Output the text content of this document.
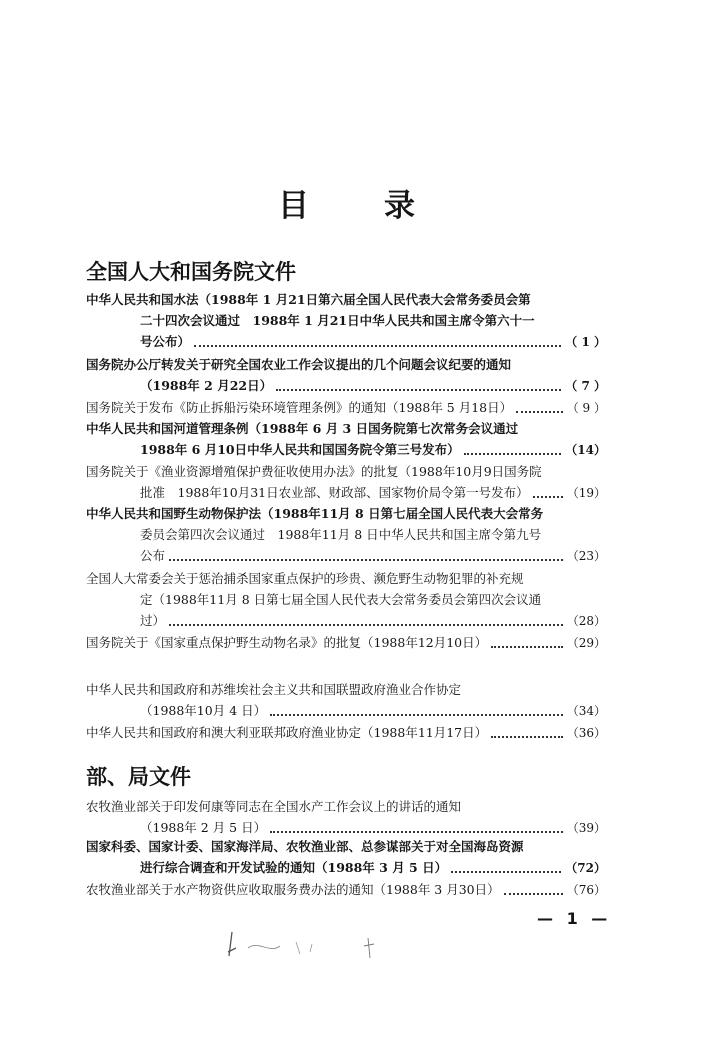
目 录
全国人大和国务院文件
中华人民共和国水法（1988年 1 月21日第六届全国人民代表大会常务委员会第
二十四次会议通过　1988年 1 月21日中华人民共和国主席令第六十一
号公布）	（ 1 ）
国务院办公厅转发关于研究全国农业工作会议提出的几个问题会议纪要的通知
（1988年 2 月22日）	（ 7 ）
国务院关于发布《防止拆船污染环境管理条例》的通知（1988年 5 月18日）	（ 9 ）
中华人民共和国河道管理条例（1988年 6 月 3 日国务院第七次常务会议通过
1988年 6 月10日中华人民共和国国务院令第三号发布）	（14）
国务院关于《渔业资源增殖保护费征收使用办法》的批复（1988年10月9日国务院
批准　1988年10月31日农业部、财政部、国家物价局令第一号发布）	（19）
中华人民共和国野生动物保护法（1988年11月 8 日第七届全国人民代表大会常务
委员会第四次会议通过　1988年11月 8 日中华人民共和国主席令第九号
公布	（23）
全国人大常委会关于惩治捕杀国家重点保护的珍贵、濒危野生动物犯罪的补充规
定（1988年11月 8 日第七届全国人民代表大会常务委员会第四次会议通
过）	（28）
国务院关于《国家重点保护野生动物名录》的批复（1988年12月10日）	（29）
中华人民共和国政府和苏维埃社会主义共和国联盟政府渔业合作协定
（1988年10月 4 日）	（34）
中华人民共和国政府和澳大利亚联邦政府渔业协定（1988年11月17日）	（36）
部、局文件
农牧渔业部关于印发何康等同志在全国水产工作会议上的讲话的通知
（1988年 2 月 5 日）	（39）
国家科委、国家计委、国家海洋局、农牧渔业部、总参谋部关于对全国海岛资源
进行综合调查和开发试验的通知（1988年 3 月 5 日）	（72）
农牧渔业部关于水产物资供应收取服务费办法的通知（1988年 3 月30日）	（76）
— 1 —
